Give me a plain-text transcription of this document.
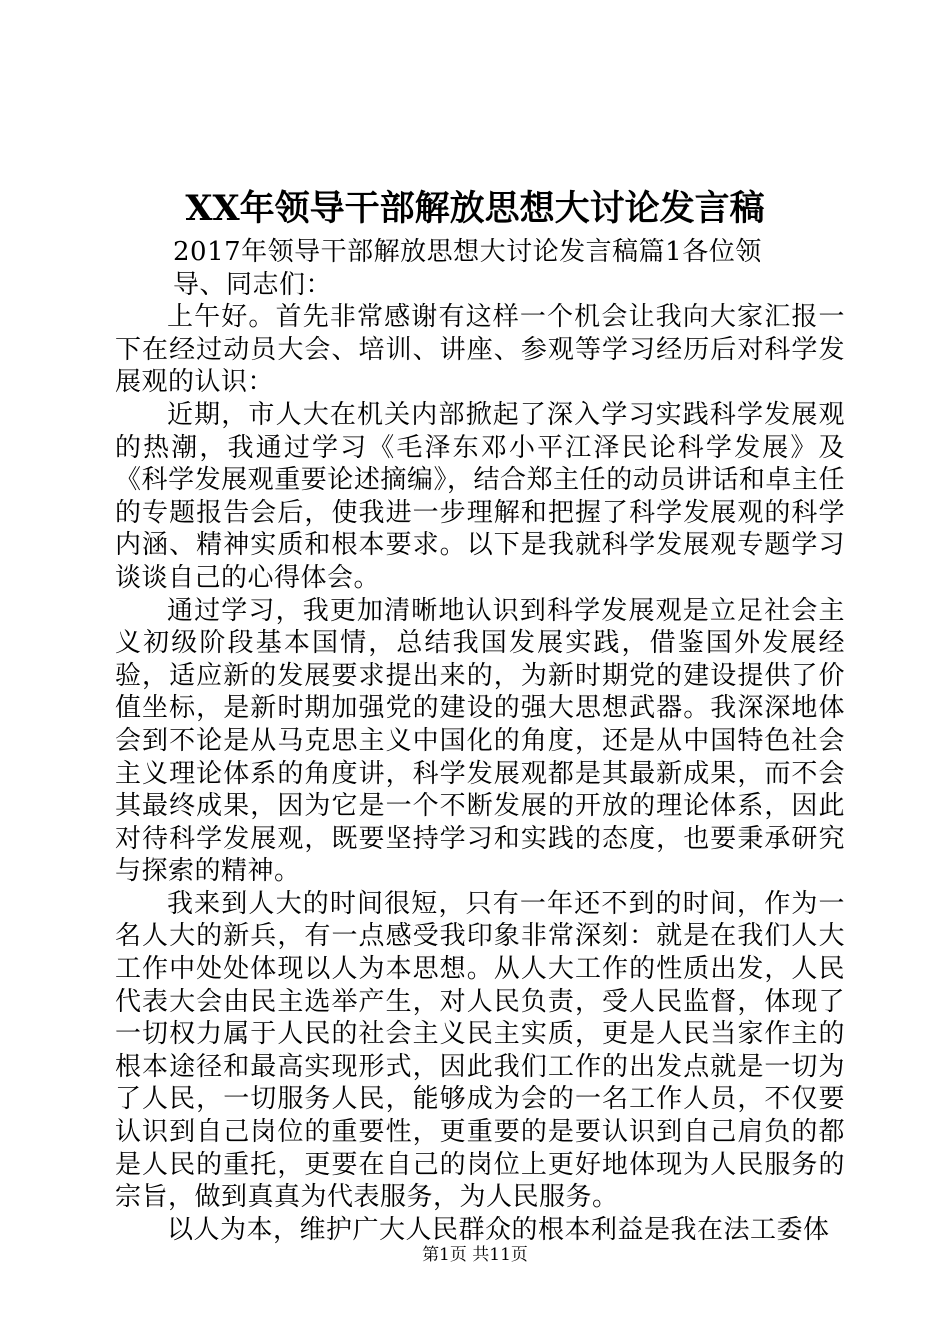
XX年领导干部解放思想大讨论发言稿

2017年领导干部解放思想大讨论发言稿篇1各位领导、同志们：

上午好。首先非常感谢有这样一个机会让我向大家汇报一下在经过动员大会、培训、讲座、参观等学习经历后对科学发展观的认识：

近期，市人大在机关内部掀起了深入学习实践科学发展观的热潮，我通过学习《毛泽东邓小平江泽民论科学发展》及《科学发展观重要论述摘编》，结合郑主任的动员讲话和卓主任的专题报告会后，使我进一步理解和把握了科学发展观的科学内涵、精神实质和根本要求。以下是我就科学发展观专题学习谈谈自己的心得体会。

通过学习，我更加清晰地认识到科学发展观是立足社会主义初级阶段基本国情，总结我国发展实践，借鉴国外发展经验，适应新的发展要求提出来的，为新时期党的建设提供了价值坐标，是新时期加强党的建设的强大思想武器。我深深地体会到不论是从马克思主义中国化的角度，还是从中国特色社会主义理论体系的角度讲，科学发展观都是其最新成果，而不会其最终成果，因为它是一个不断发展的开放的理论体系，因此对待科学发展观，既要坚持学习和实践的态度，也要秉承研究与探索的精神。

我来到人大的时间很短，只有一年还不到的时间，作为一名人大的新兵，有一点感受我印象非常深刻：就是在我们人大工作中处处体现以人为本思想。从人大工作的性质出发，人民代表大会由民主选举产生，对人民负责，受人民监督，体现了一切权力属于人民的社会主义民主实质，更是人民当家作主的根本途径和最高实现形式，因此我们工作的出发点就是一切为了人民，一切服务人民，能够成为会的一名工作人员，不仅要认识到自己岗位的重要性，更重要的是要认识到自己肩负的都是人民的重托，更要在自己的岗位上更好地体现为人民服务的宗旨，做到真真为代表服务，为人民服务。

以人为本，维护广大人民群众的根本利益是我在法工委体

第1页 共11页
